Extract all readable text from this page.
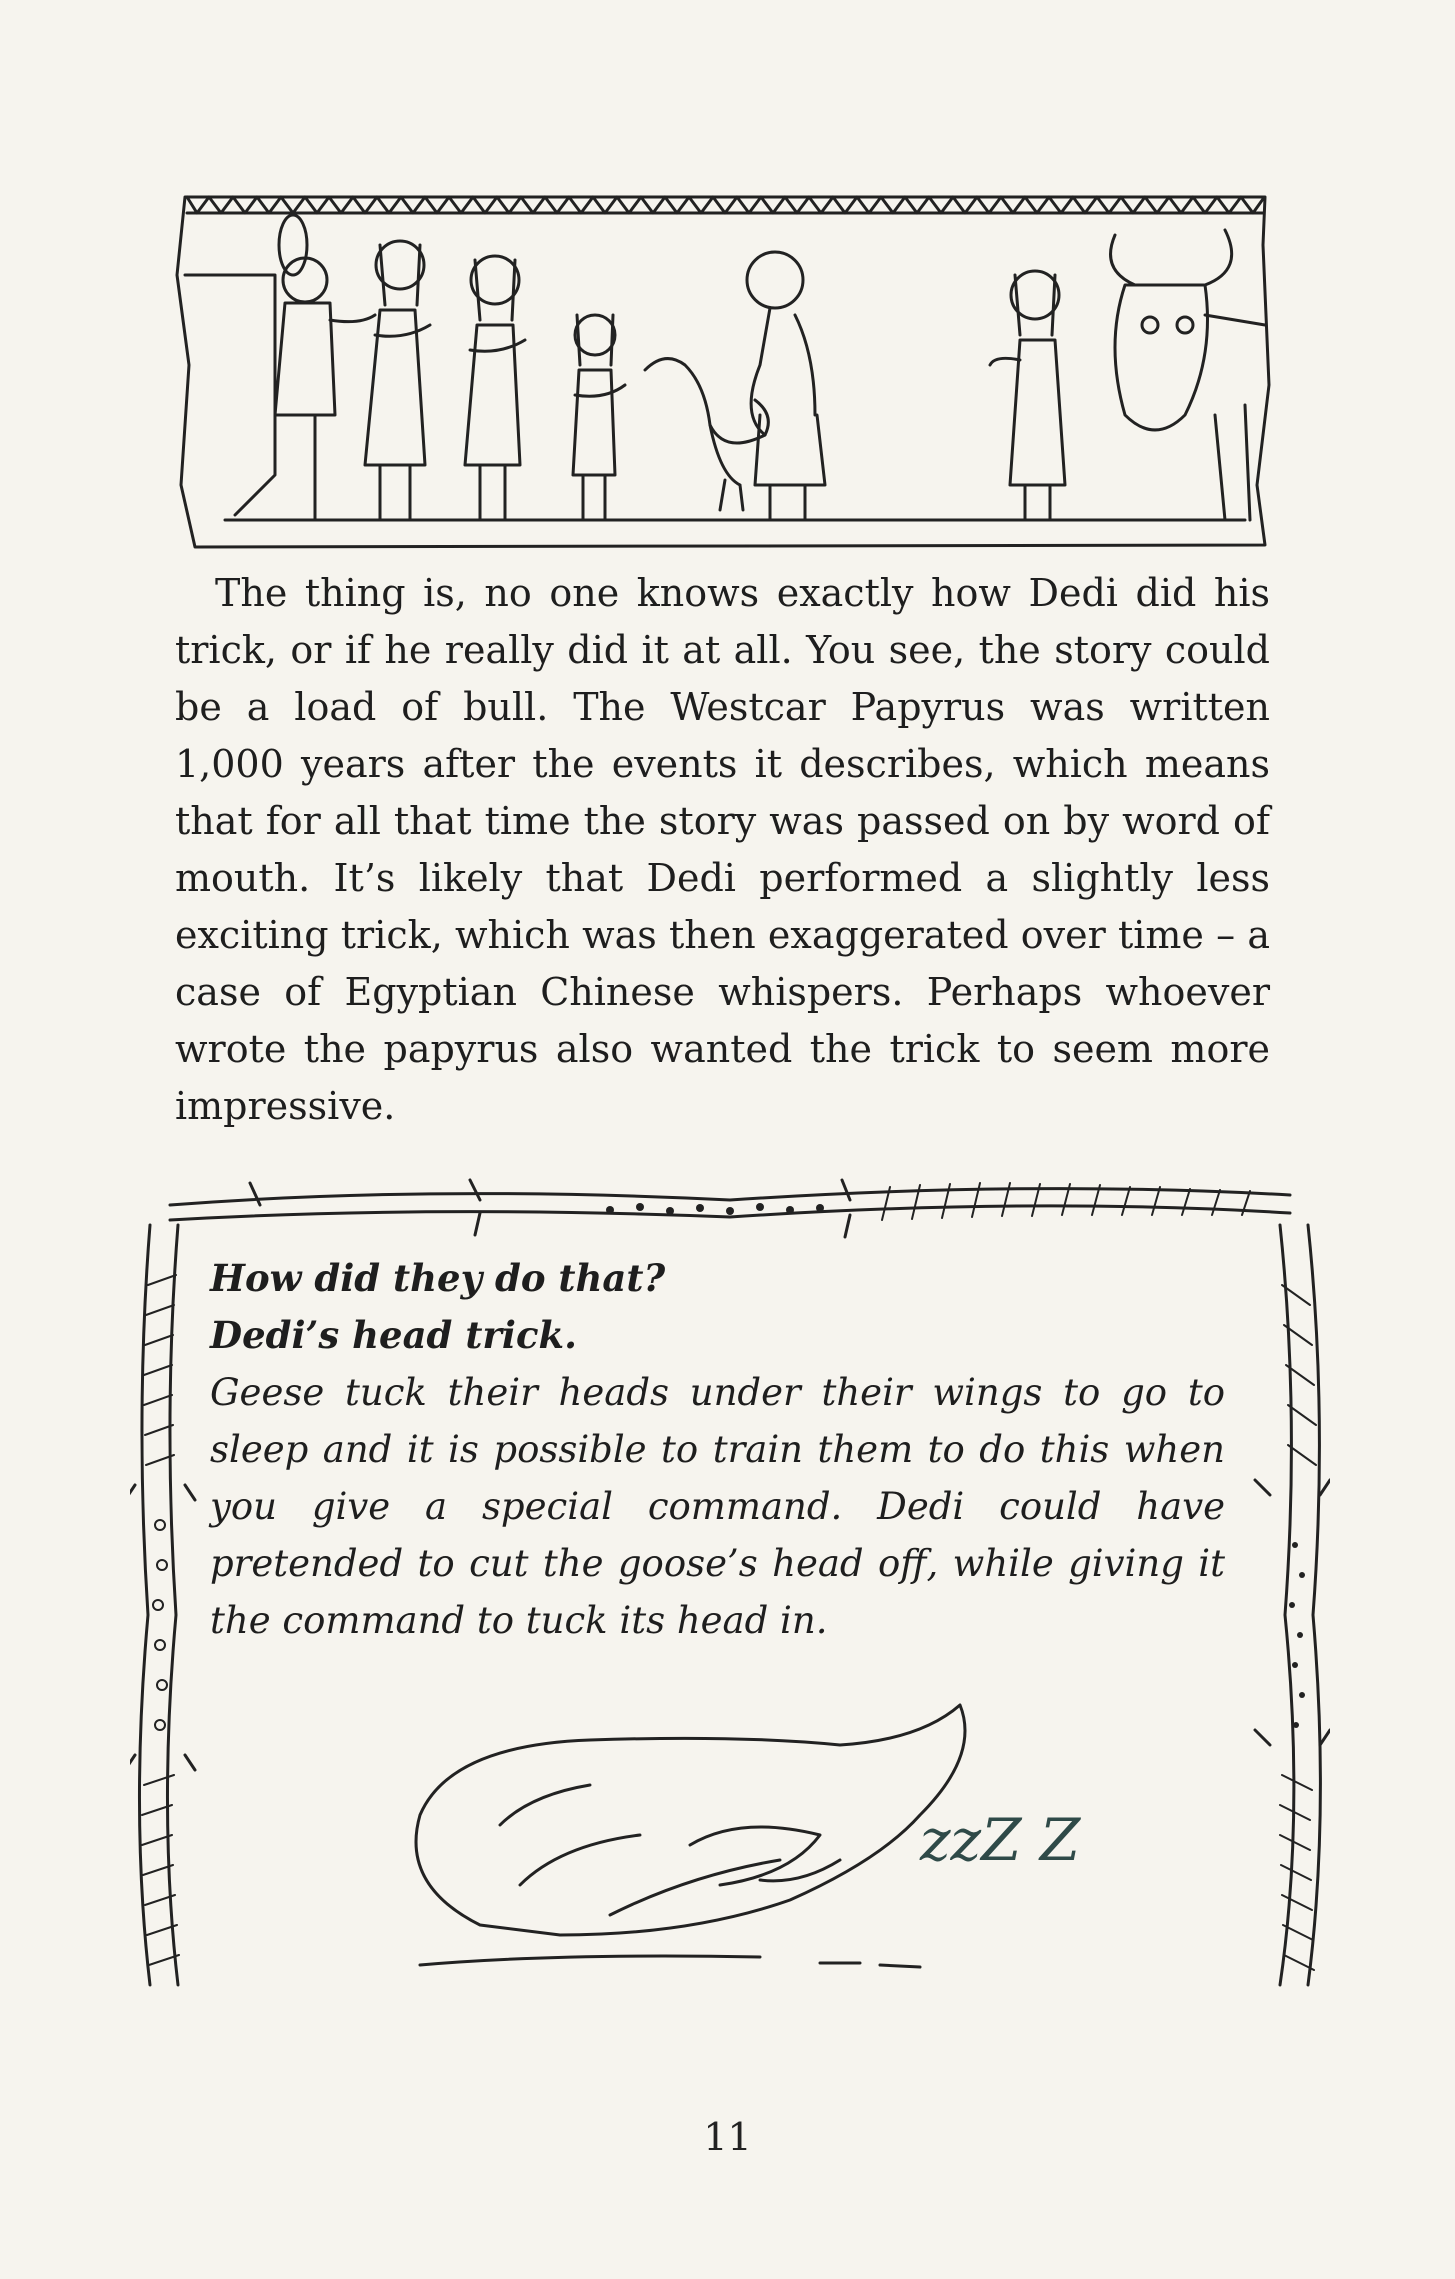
The thing is, no one knows exactly how Dedi did his trick, or if he really did it at all. You see, the story could be a load of bull. The Westcar Papyrus was written 1,000 years after the events it describes, which means that for all that time the story was passed on by word of mouth. It’s likely that Dedi performed a slightly less exciting trick, which was then exaggerated over time – a case of Egyptian Chinese whispers. Perhaps whoever wrote the papyrus also wanted the trick to seem more impressive.

How did they do that?

Dedi’s head trick.

Geese tuck their heads under their wings to go to sleep and it is possible to train them to do this when you give a special command. Dedi could have pretended to cut the goose’s head off, while giving it the command to tuck its head in.

zzZ Z
11
